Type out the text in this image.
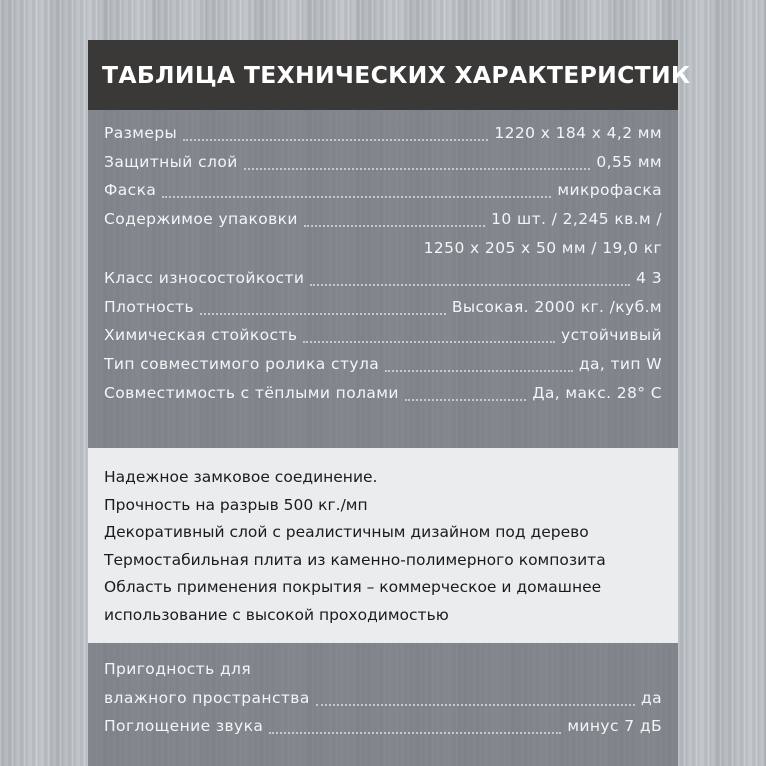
ТАБЛИЦА ТЕХНИЧЕСКИХ ХАРАКТЕРИСТИК
Размеры	1220 х 184 х 4,2 мм
Защитный слой	0,55 мм
Фаска	микрофаска
Содержимое упаковки	10 шт. / 2,245 кв.м /
1250 х 205 х 50 мм / 19,0 кг
Класс износостойкости	4 3
Плотность	Высокая. 2000 кг. /куб.м
Химическая стойкость	устойчивый
Тип совместимого ролика стула	да, тип W
Совместимость с тёплыми полами	Да, макс. 28° С
Надежное замковое соединение.
Прочность на разрыв 500 кг./мп
Декоративный слой с реалистичным дизайном под дерево
Термостабильная плита из каменно-полимерного композита
Область применения покрытия – коммерческое и домашнее
использование с высокой проходимостью
Пригодность для
влажного пространства	да
Поглощение звука	минус 7 дБ
